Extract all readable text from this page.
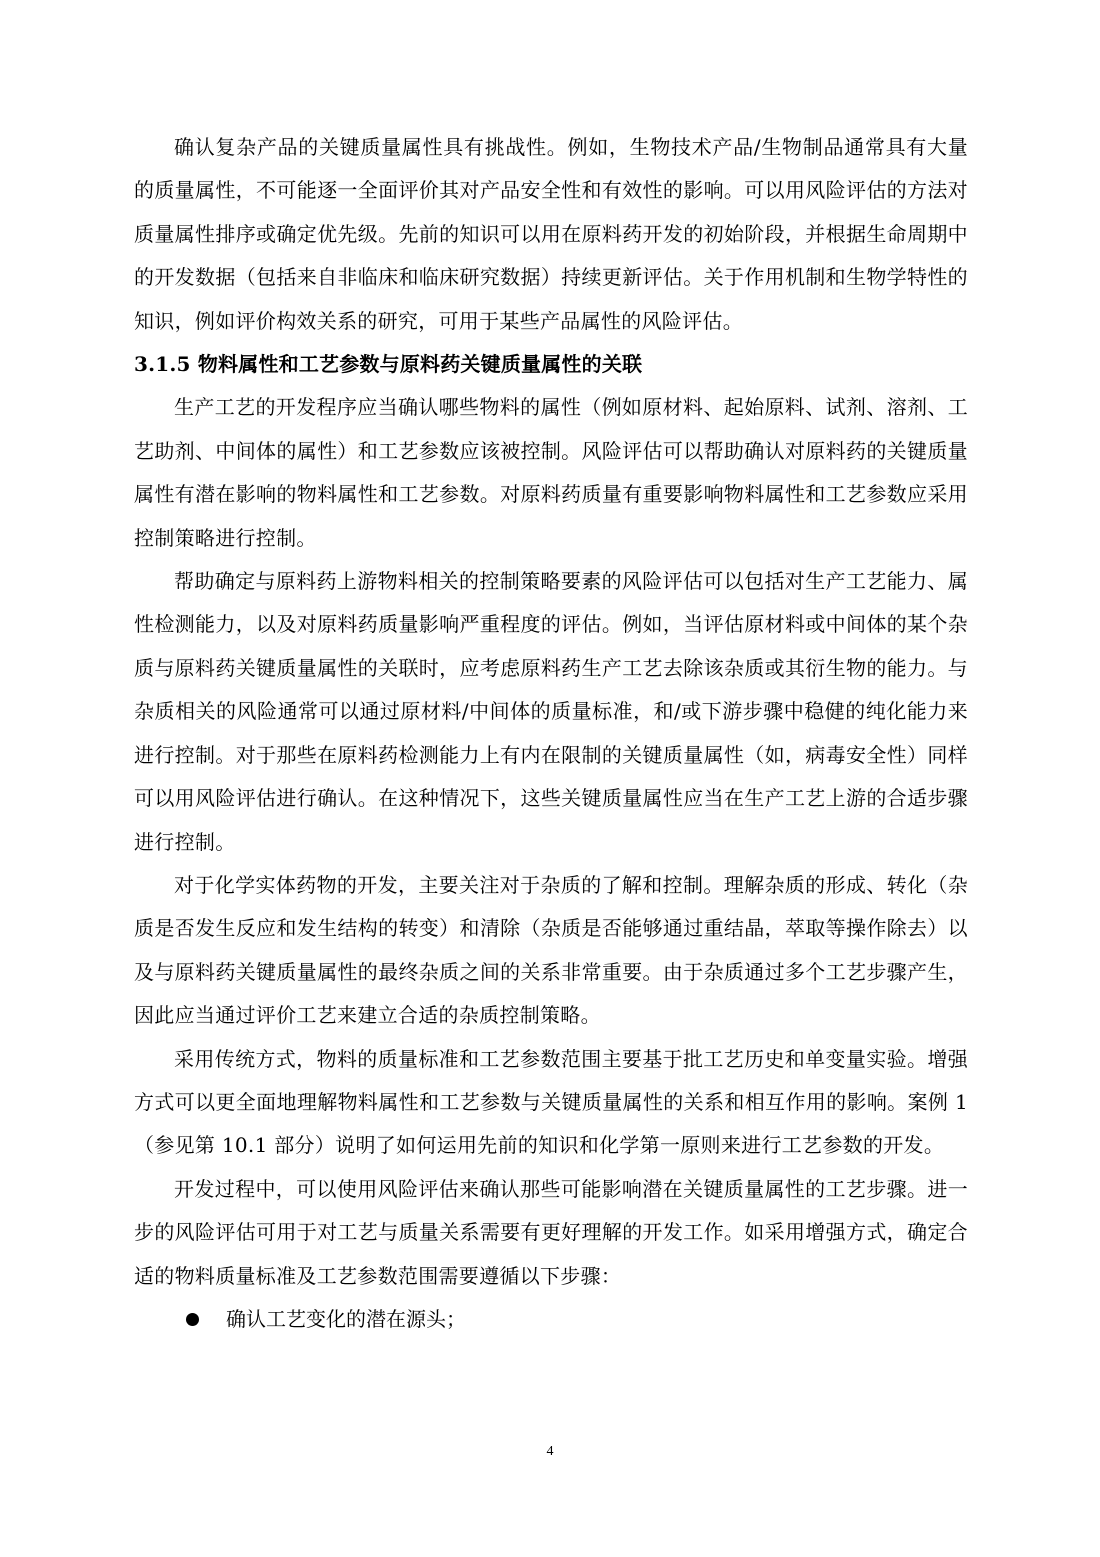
确认复杂产品的关键质量属性具有挑战性。例如，生物技术产品/生物制品通常具有大量的质量属性，不可能逐一全面评价其对产品安全性和有效性的影响。可以用风险评估的方法对质量属性排序或确定优先级。先前的知识可以用在原料药开发的初始阶段，并根据生命周期中的开发数据（包括来自非临床和临床研究数据）持续更新评估。关于作用机制和生物学特性的知识，例如评价构效关系的研究，可用于某些产品属性的风险评估。

3.1.5 物料属性和工艺参数与原料药关键质量属性的关联

生产工艺的开发程序应当确认哪些物料的属性（例如原材料、起始原料、试剂、溶剂、工艺助剂、中间体的属性）和工艺参数应该被控制。风险评估可以帮助确认对原料药的关键质量属性有潜在影响的物料属性和工艺参数。对原料药质量有重要影响物料属性和工艺参数应采用控制策略进行控制。

帮助确定与原料药上游物料相关的控制策略要素的风险评估可以包括对生产工艺能力、属性检测能力，以及对原料药质量影响严重程度的评估。例如，当评估原材料或中间体的某个杂质与原料药关键质量属性的关联时，应考虑原料药生产工艺去除该杂质或其衍生物的能力。与杂质相关的风险通常可以通过原材料/中间体的质量标准，和/或下游步骤中稳健的纯化能力来进行控制。对于那些在原料药检测能力上有内在限制的关键质量属性（如，病毒安全性）同样可以用风险评估进行确认。在这种情况下，这些关键质量属性应当在生产工艺上游的合适步骤进行控制。

对于化学实体药物的开发，主要关注对于杂质的了解和控制。理解杂质的形成、转化（杂质是否发生反应和发生结构的转变）和清除（杂质是否能够通过重结晶，萃取等操作除去）以及与原料药关键质量属性的最终杂质之间的关系非常重要。由于杂质通过多个工艺步骤产生，因此应当通过评价工艺来建立合适的杂质控制策略。

采用传统方式，物料的质量标准和工艺参数范围主要基于批工艺历史和单变量实验。增强方式可以更全面地理解物料属性和工艺参数与关键质量属性的关系和相互作用的影响。案例 1（参见第 10.1 部分）说明了如何运用先前的知识和化学第一原则来进行工艺参数的开发。

开发过程中，可以使用风险评估来确认那些可能影响潜在关键质量属性的工艺步骤。进一步的风险评估可用于对工艺与质量关系需要有更好理解的开发工作。如采用增强方式，确定合适的物料质量标准及工艺参数范围需要遵循以下步骤：

确认工艺变化的潜在源头；
4
